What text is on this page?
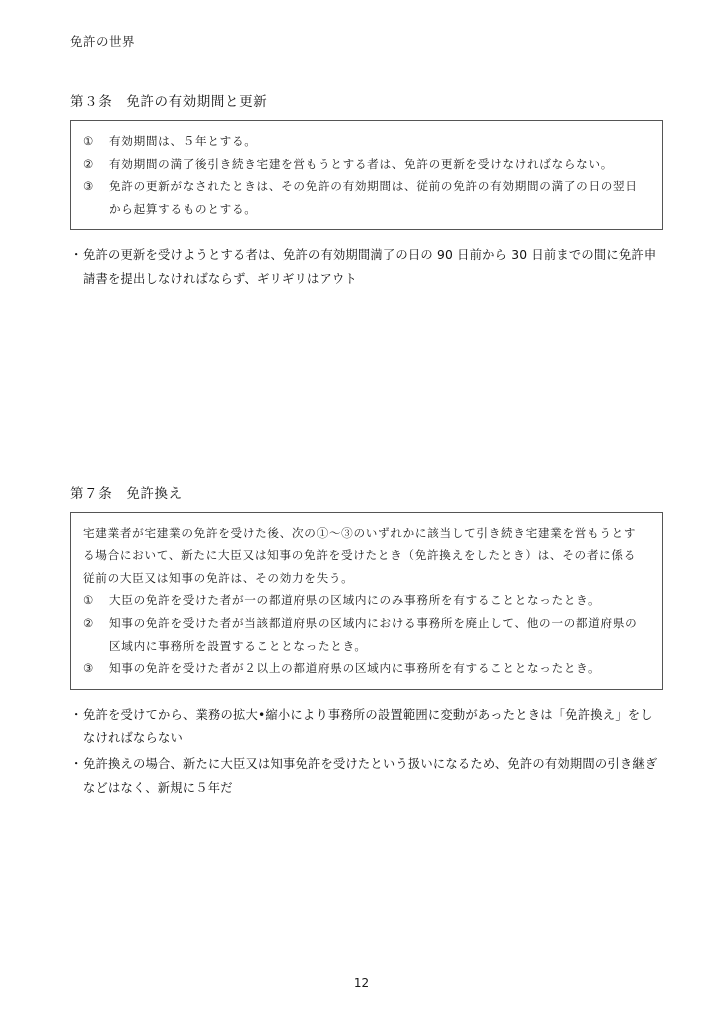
免許の世界
第３条 免許の有効期間と更新
①	有効期間は、５年とする。
②	有効期間の満了後引き続き宅建を営もうとする者は、免許の更新を受けなければならない。
③	免許の更新がなされたときは、その免許の有効期間は、従前の免許の有効期間の満了の日の翌日から起算するものとする。
・ 免許の更新を受けようとする者は、免許の有効期間満了の日の 90 日前から 30 日前までの間に免許申請書を提出しなければならず、ギリギリはアウト
第７条 免許換え
宅建業者が宅建業の免許を受けた後、次の①〜③のいずれかに該当して引き続き宅建業を営もうとする場合において、新たに大臣又は知事の免許を受けたとき（免許換えをしたとき）は、その者に係る従前の大臣又は知事の免許は、その効力を失う。
①	大臣の免許を受けた者が一の都道府県の区域内にのみ事務所を有することとなったとき。
②	知事の免許を受けた者が当該都道府県の区域内における事務所を廃止して、他の一の都道府県の区域内に事務所を設置することとなったとき。
③	知事の免許を受けた者が２以上の都道府県の区域内に事務所を有することとなったとき。
・ 免許を受けてから、業務の拡大•縮小により事務所の設置範囲に変動があったときは「免許換え」をしなければならない
・ 免許換えの場合、新たに大臣又は知事免許を受けたという扱いになるため、免許の有効期間の引き継ぎなどはなく、新規に５年だ
12
